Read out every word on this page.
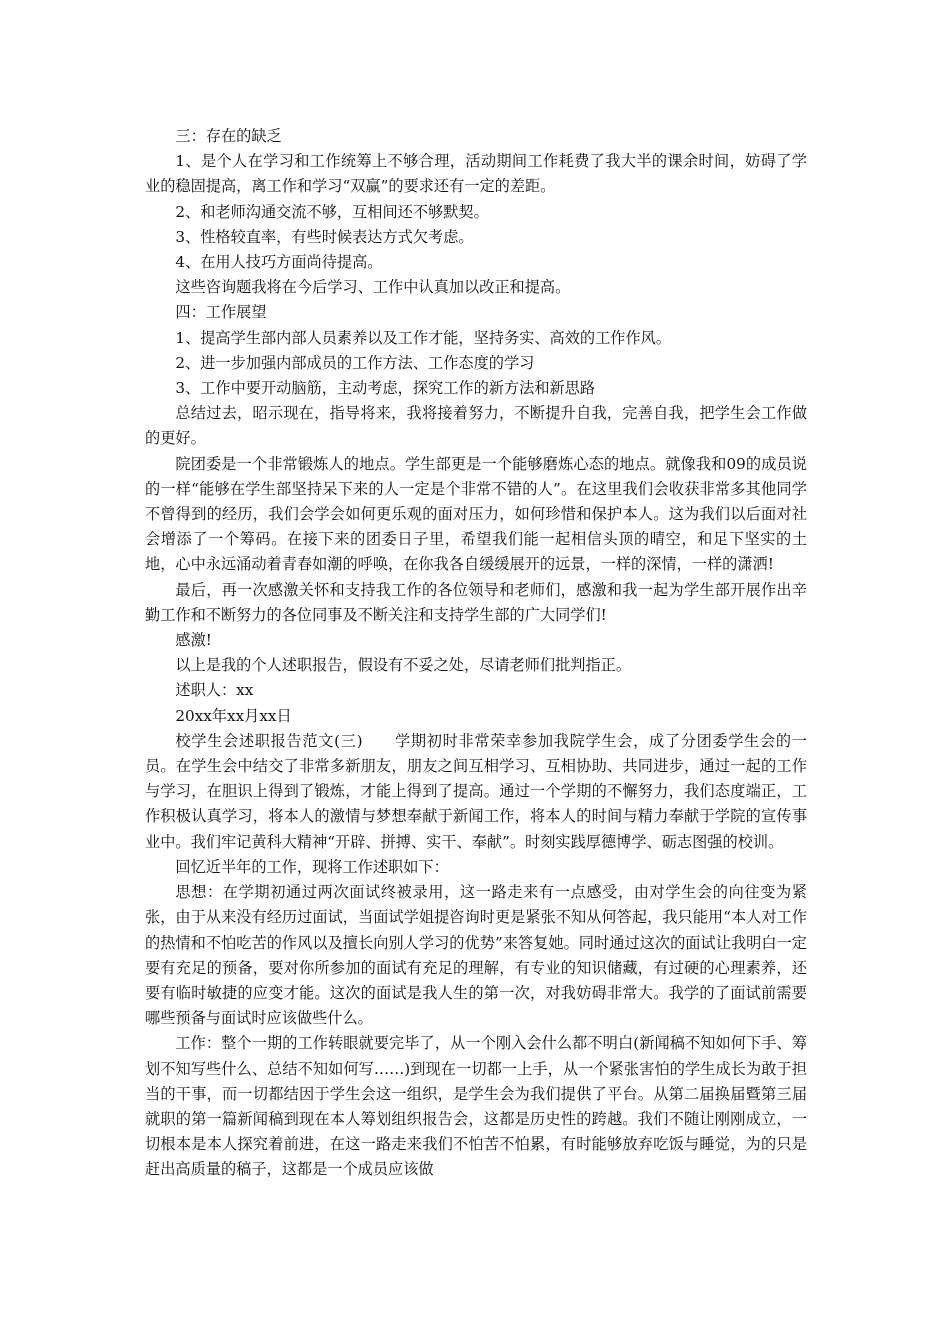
三：存在的缺乏

1、是个人在学习和工作统筹上不够合理，活动期间工作耗费了我大半的课余时间，妨碍了学业的稳固提高，离工作和学习“双赢”的要求还有一定的差距。

2、和老师沟通交流不够，互相间还不够默契。

3、性格较直率，有些时候表达方式欠考虑。

4、在用人技巧方面尚待提高。

这些咨询题我将在今后学习、工作中认真加以改正和提高。

四：工作展望

1、提高学生部内部人员素养以及工作才能，坚持务实、高效的工作作风。

2、进一步加强内部成员的工作方法、工作态度的学习

3、工作中要开动脑筋，主动考虑，探究工作的新方法和新思路

总结过去，昭示现在，指导将来，我将接着努力，不断提升自我，完善自我，把学生会工作做的更好。

院团委是一个非常锻炼人的地点。学生部更是一个能够磨炼心态的地点。就像我和09的成员说的一样“能够在学生部坚持呆下来的人一定是个非常不错的人”。在这里我们会收获非常多其他同学不曾得到的经历，我们会学会如何更乐观的面对压力，如何珍惜和保护本人。这为我们以后面对社会增添了一个筹码。在接下来的团委日子里，希望我们能一起相信头顶的晴空，和足下坚实的土地，心中永远涌动着青春如潮的呼唤，在你我各自缓缓展开的远景，一样的深情，一样的潇洒!

最后，再一次感激关怀和支持我工作的各位领导和老师们，感激和我一起为学生部开展作出辛勤工作和不断努力的各位同事及不断关注和支持学生部的广大同学们!

感激!

以上是我的个人述职报告，假设有不妥之处，尽请老师们批判指正。

述职人：xx

20xx年xx月xx日

校学生会述职报告范文(三)　　学期初时非常荣幸参加我院学生会，成了分团委学生会的一员。在学生会中结交了非常多新朋友，朋友之间互相学习、互相协助、共同进步，通过一起的工作与学习，在胆识上得到了锻炼，才能上得到了提高。通过一个学期的不懈努力，我们态度端正，工作积极认真学习，将本人的激情与梦想奉献于新闻工作，将本人的时间与精力奉献于学院的宣传事业中。我们牢记黄科大精神“开辟、拼搏、实干、奉献”。时刻实践厚德博学、砺志图强的校训。

回忆近半年的工作，现将工作述职如下：

思想：在学期初通过两次面试终被录用，这一路走来有一点感受，由对学生会的向往变为紧张，由于从来没有经历过面试，当面试学姐提咨询时更是紧张不知从何答起，我只能用“本人对工作的热情和不怕吃苦的作风以及擅长向别人学习的优势”来答复她。同时通过这次的面试让我明白一定要有充足的预备，要对你所参加的面试有充足的理解，有专业的知识储藏，有过硬的心理素养，还要有临时敏捷的应变才能。这次的面试是我人生的第一次，对我妨碍非常大。我学的了面试前需要哪些预备与面试时应该做些什么。

工作：整个一期的工作转眼就要完毕了，从一个刚入会什么都不明白(新闻稿不知如何下手、筹划不知写些什么、总结不知如何写……)到现在一切都一上手，从一个紧张害怕的学生成长为敢于担当的干事，而一切都结因于学生会这一组织，是学生会为我们提供了平台。从第二届换届暨第三届就职的第一篇新闻稿到现在本人筹划组织报告会，这都是历史性的跨越。我们不随让刚刚成立，一切根本是本人探究着前进，在这一路走来我们不怕苦不怕累，有时能够放弃吃饭与睡觉，为的只是赶出高质量的稿子，这都是一个成员应该做
